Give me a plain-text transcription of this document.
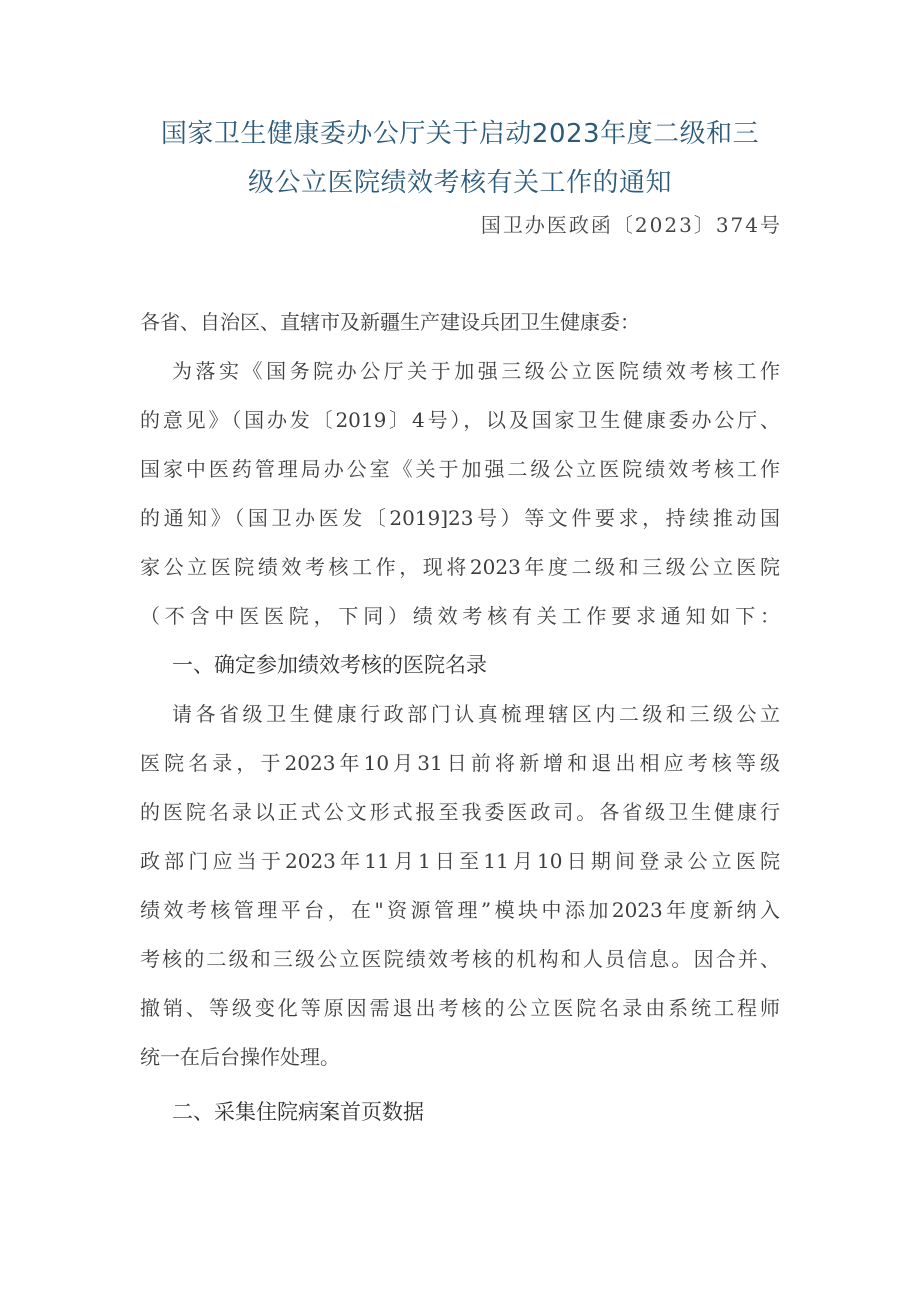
国家卫生健康委办公厅关于启动2023年度二级和三
级公立医院绩效考核有关工作的通知
国卫办医政函〔2023〕374号
各省、自治区、直辖市及新疆生产建设兵团卫生健康委：
为落实《国务院办公厅关于加强三级公立医院绩效考核工作
的意见》（国办发〔2019〕4号），以及国家卫生健康委办公厅、
国家中医药管理局办公室《关于加强二级公立医院绩效考核工作
的通知》（国卫办医发〔2019]23号）等文件要求，持续推动国
家公立医院绩效考核工作，现将2023年度二级和三级公立医院
（不含中医医院，下同）绩效考核有关工作要求通知如下：
一、确定参加绩效考核的医院名录
请各省级卫生健康行政部门认真梳理辖区内二级和三级公立
医院名录，于2023年10月31日前将新增和退出相应考核等级
的医院名录以正式公文形式报至我委医政司。各省级卫生健康行
政部门应当于2023年11月1日至11月10日期间登录公立医院
绩效考核管理平台，在"资源管理”模块中添加2023年度新纳入
考核的二级和三级公立医院绩效考核的机构和人员信息。因合并、
撤销、等级变化等原因需退出考核的公立医院名录由系统工程师
统一在后台操作处理。
二、采集住院病案首页数据
